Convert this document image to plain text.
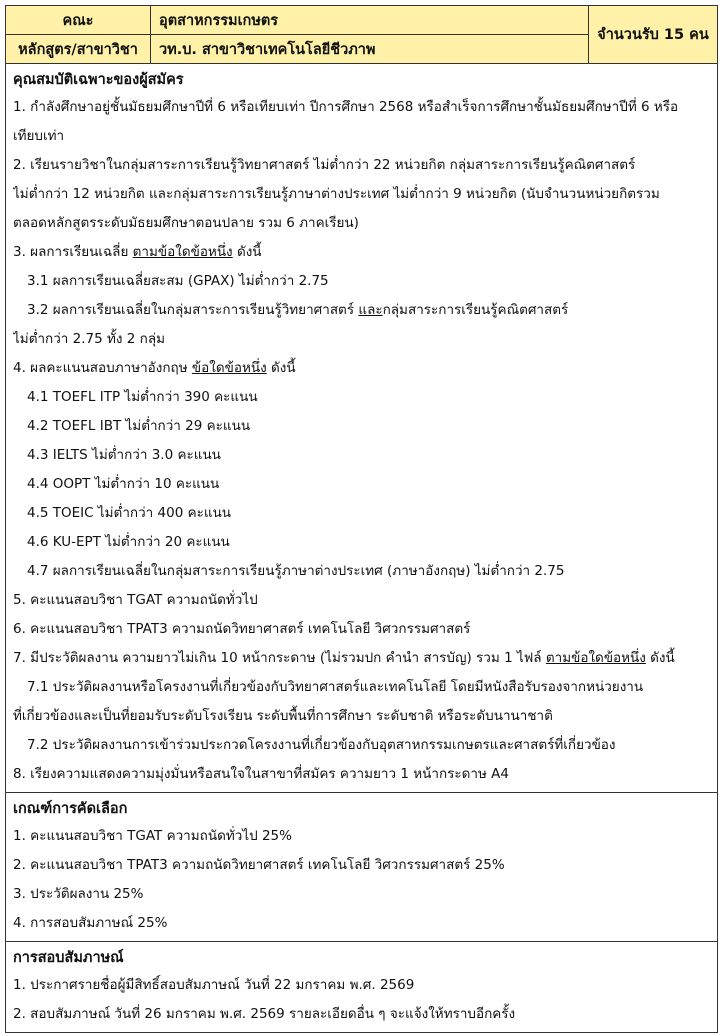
คณะ	อุตสาหกรรมเกษตร	จำนวนรับ 15 คน
หลักสูตร/สาขาวิชา	วท.บ. สาขาวิชาเทคโนโลยีชีวภาพ	
คุณสมบัติเฉพาะของผู้สมัคร
1. กำลังศึกษาอยู่ชั้นมัธยมศึกษาปีที่ 6 หรือเทียบเท่า ปีการศึกษา 2568 หรือสำเร็จการศึกษาชั้นมัธยมศึกษาปีที่ 6 หรือ
เทียบเท่า
2. เรียนรายวิชาในกลุ่มสาระการเรียนรู้วิทยาศาสตร์ ไม่ต่ำกว่า 22 หน่วยกิต กลุ่มสาระการเรียนรู้คณิตศาสตร์
ไม่ต่ำกว่า 12 หน่วยกิต และกลุ่มสาระการเรียนรู้ภาษาต่างประเทศ ไม่ต่ำกว่า 9 หน่วยกิต (นับจำนวนหน่วยกิตรวม
ตลอดหลักสูตรระดับมัธยมศึกษาตอนปลาย รวม 6 ภาคเรียน)
3. ผลการเรียนเฉลี่ย ตามข้อใดข้อหนึ่ง ดังนี้
3.1 ผลการเรียนเฉลี่ยสะสม (GPAX) ไม่ต่ำกว่า 2.75
3.2 ผลการเรียนเฉลี่ยในกลุ่มสาระการเรียนรู้วิทยาศาสตร์ และกลุ่มสาระการเรียนรู้คณิตศาสตร์
ไม่ต่ำกว่า 2.75 ทั้ง 2 กลุ่ม
4. ผลคะแนนสอบภาษาอังกฤษ ข้อใดข้อหนึ่ง ดังนี้
4.1 TOEFL ITP ไม่ต่ำกว่า 390 คะแนน
4.2 TOEFL IBT ไม่ต่ำกว่า 29 คะแนน
4.3 IELTS ไม่ต่ำกว่า 3.0 คะแนน
4.4 OOPT ไม่ต่ำกว่า 10 คะแนน
4.5 TOEIC ไม่ต่ำกว่า 400 คะแนน
4.6 KU-EPT ไม่ต่ำกว่า 20 คะแนน
4.7 ผลการเรียนเฉลี่ยในกลุ่มสาระการเรียนรู้ภาษาต่างประเทศ (ภาษาอังกฤษ) ไม่ต่ำกว่า 2.75
5. คะแนนสอบวิชา TGAT ความถนัดทั่วไป
6. คะแนนสอบวิชา TPAT3 ความถนัดวิทยาศาสตร์ เทคโนโลยี วิศวกรรมศาสตร์
7. มีประวัติผลงาน ความยาวไม่เกิน 10 หน้ากระดาษ (ไม่รวมปก คำนำ สารบัญ) รวม 1 ไฟล์ ตามข้อใดข้อหนึ่ง ดังนี้
7.1 ประวัติผลงานหรือโครงงานที่เกี่ยวข้องกับวิทยาศาสตร์และเทคโนโลยี โดยมีหนังสือรับรองจากหน่วยงาน
ที่เกี่ยวข้องและเป็นที่ยอมรับระดับโรงเรียน ระดับพื้นที่การศึกษา ระดับชาติ หรือระดับนานาชาติ
7.2 ประวัติผลงานการเข้าร่วมประกวดโครงงานที่เกี่ยวข้องกับอุตสาหกรรมเกษตรและศาสตร์ที่เกี่ยวข้อง
8. เรียงความแสดงความมุ่งมั่นหรือสนใจในสาขาที่สมัคร ความยาว 1 หน้ากระดาษ A4
เกณฑ์การคัดเลือก
1. คะแนนสอบวิชา TGAT ความถนัดทั่วไป 25%
2. คะแนนสอบวิชา TPAT3 ความถนัดวิทยาศาสตร์ เทคโนโลยี วิศวกรรมศาสตร์ 25%
3. ประวัติผลงาน 25%
4. การสอบสัมภาษณ์ 25%
การสอบสัมภาษณ์
1. ประกาศรายชื่อผู้มีสิทธิ์สอบสัมภาษณ์ วันที่ 22 มกราคม พ.ศ. 2569
2. สอบสัมภาษณ์ วันที่ 26 มกราคม พ.ศ. 2569 รายละเอียดอื่น ๆ จะแจ้งให้ทราบอีกครั้ง
